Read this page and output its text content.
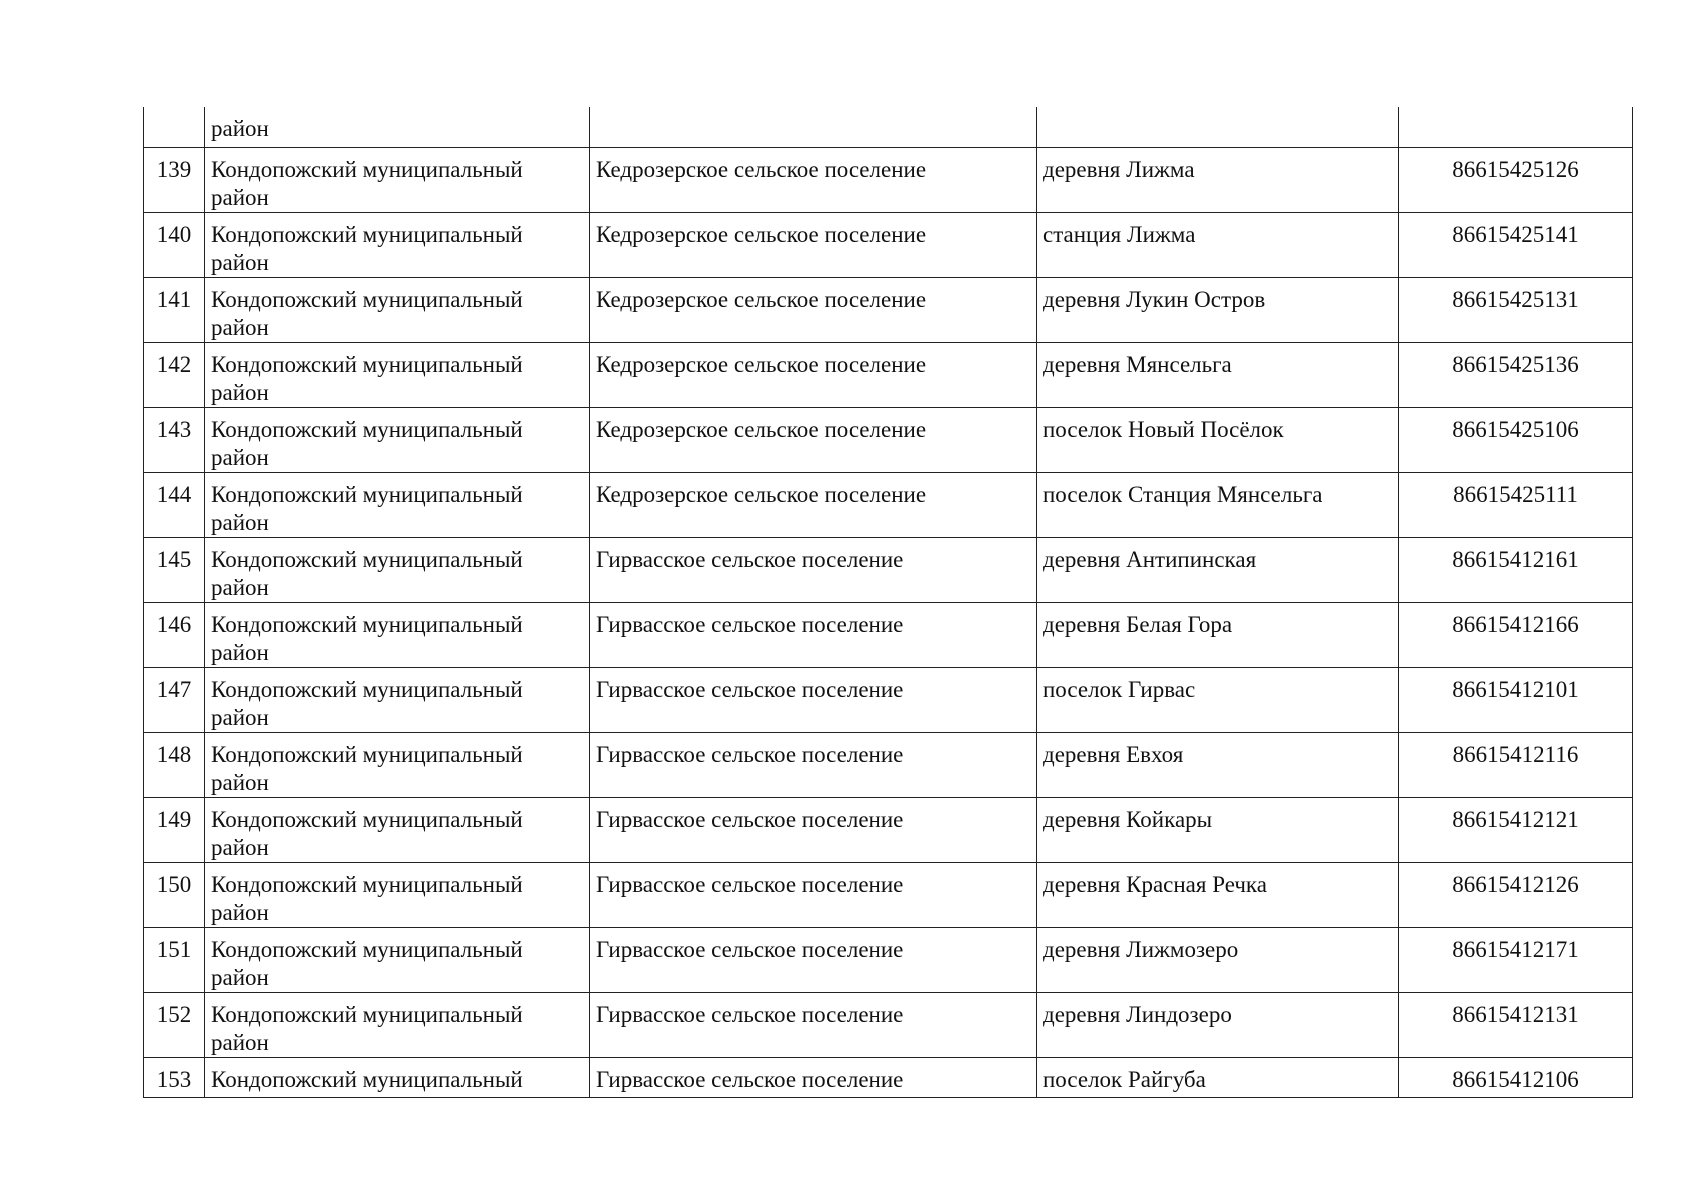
	район			
139	Кондопожский муниципальный район	Кедрозерское сельское поселение	деревня Лижма	86615425126
140	Кондопожский муниципальный район	Кедрозерское сельское поселение	станция Лижма	86615425141
141	Кондопожский муниципальный район	Кедрозерское сельское поселение	деревня Лукин Остров	86615425131
142	Кондопожский муниципальный район	Кедрозерское сельское поселение	деревня Мянсельга	86615425136
143	Кондопожский муниципальный район	Кедрозерское сельское поселение	поселок Новый Посёлок	86615425106
144	Кондопожский муниципальный район	Кедрозерское сельское поселение	поселок Станция Мянсельга	86615425111
145	Кондопожский муниципальный район	Гирвасское сельское поселение	деревня Антипинская	86615412161
146	Кондопожский муниципальный район	Гирвасское сельское поселение	деревня Белая Гора	86615412166
147	Кондопожский муниципальный район	Гирвасское сельское поселение	поселок Гирвас	86615412101
148	Кондопожский муниципальный район	Гирвасское сельское поселение	деревня Евхоя	86615412116
149	Кондопожский муниципальный район	Гирвасское сельское поселение	деревня Койкары	86615412121
150	Кондопожский муниципальный район	Гирвасское сельское поселение	деревня Красная Речка	86615412126
151	Кондопожский муниципальный район	Гирвасское сельское поселение	деревня Лижмозеро	86615412171
152	Кондопожский муниципальный район	Гирвасское сельское поселение	деревня Линдозеро	86615412131
153	Кондопожский муниципальный	Гирвасское сельское поселение	поселок Райгуба	86615412106
